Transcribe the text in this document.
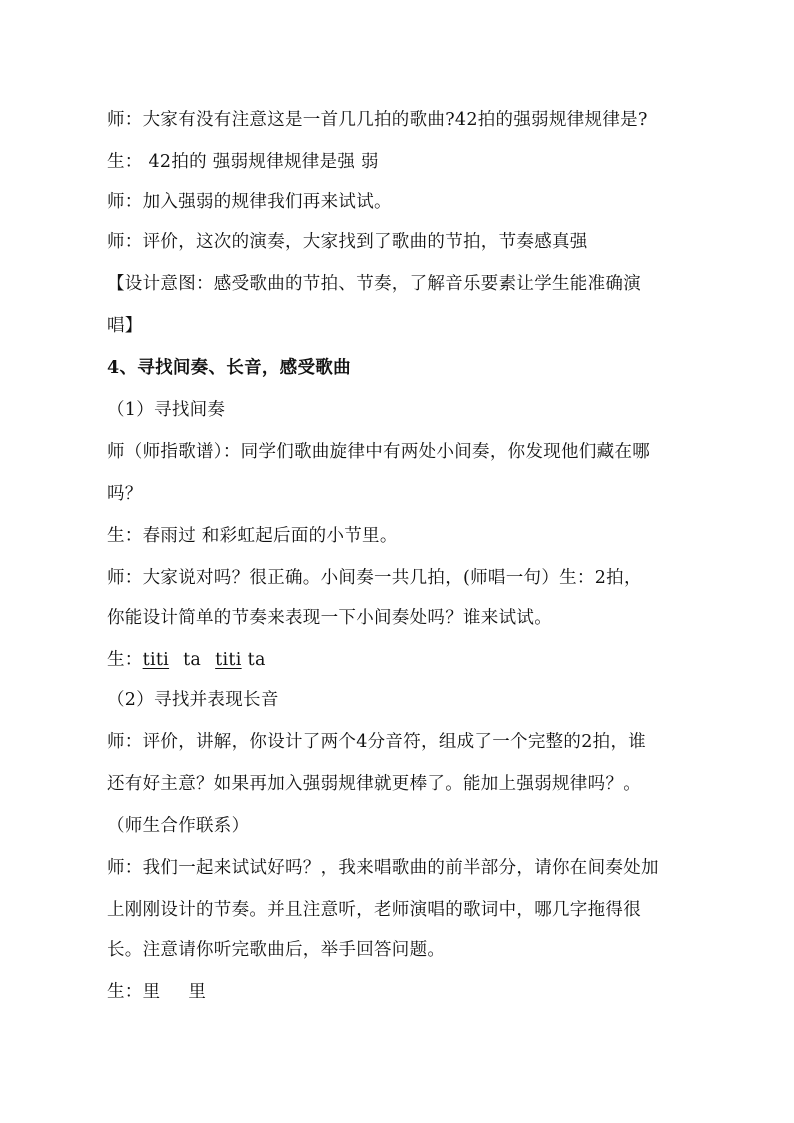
师：大家有没有注意这是一首几几拍的歌曲?42拍的强弱规律规律是?
生： 42拍的 强弱规律规律是强 弱
师：加入强弱的规律我们再来试试。
师：评价，这次的演奏，大家找到了歌曲的节拍，节奏感真强
【设计意图：感受歌曲的节拍、节奏，了解音乐要素让学生能准确演
唱】
4、寻找间奏、长音，感受歌曲
（1）寻找间奏
师（师指歌谱）：同学们歌曲旋律中有两处小间奏，你发现他们藏在哪
吗？
生：春雨过 和彩虹起后面的小节里。
师：大家说对吗？很正确。小间奏一共几拍，(师唱一句）生：2拍，
你能设计简单的节奏来表现一下小间奏处吗？谁来试试。
生：titi ta titi ta
（2）寻找并表现长音
师：评价，讲解，你设计了两个4分音符，组成了一个完整的2拍，谁
还有好主意？如果再加入强弱规律就更棒了。能加上强弱规律吗？。
（师生合作联系）
师：我们一起来试试好吗？，我来唱歌曲的前半部分，请你在间奏处加
上刚刚设计的节奏。并且注意听，老师演唱的歌词中，哪几字拖得很
长。注意请你听完歌曲后，举手回答问题。
生：里 里
